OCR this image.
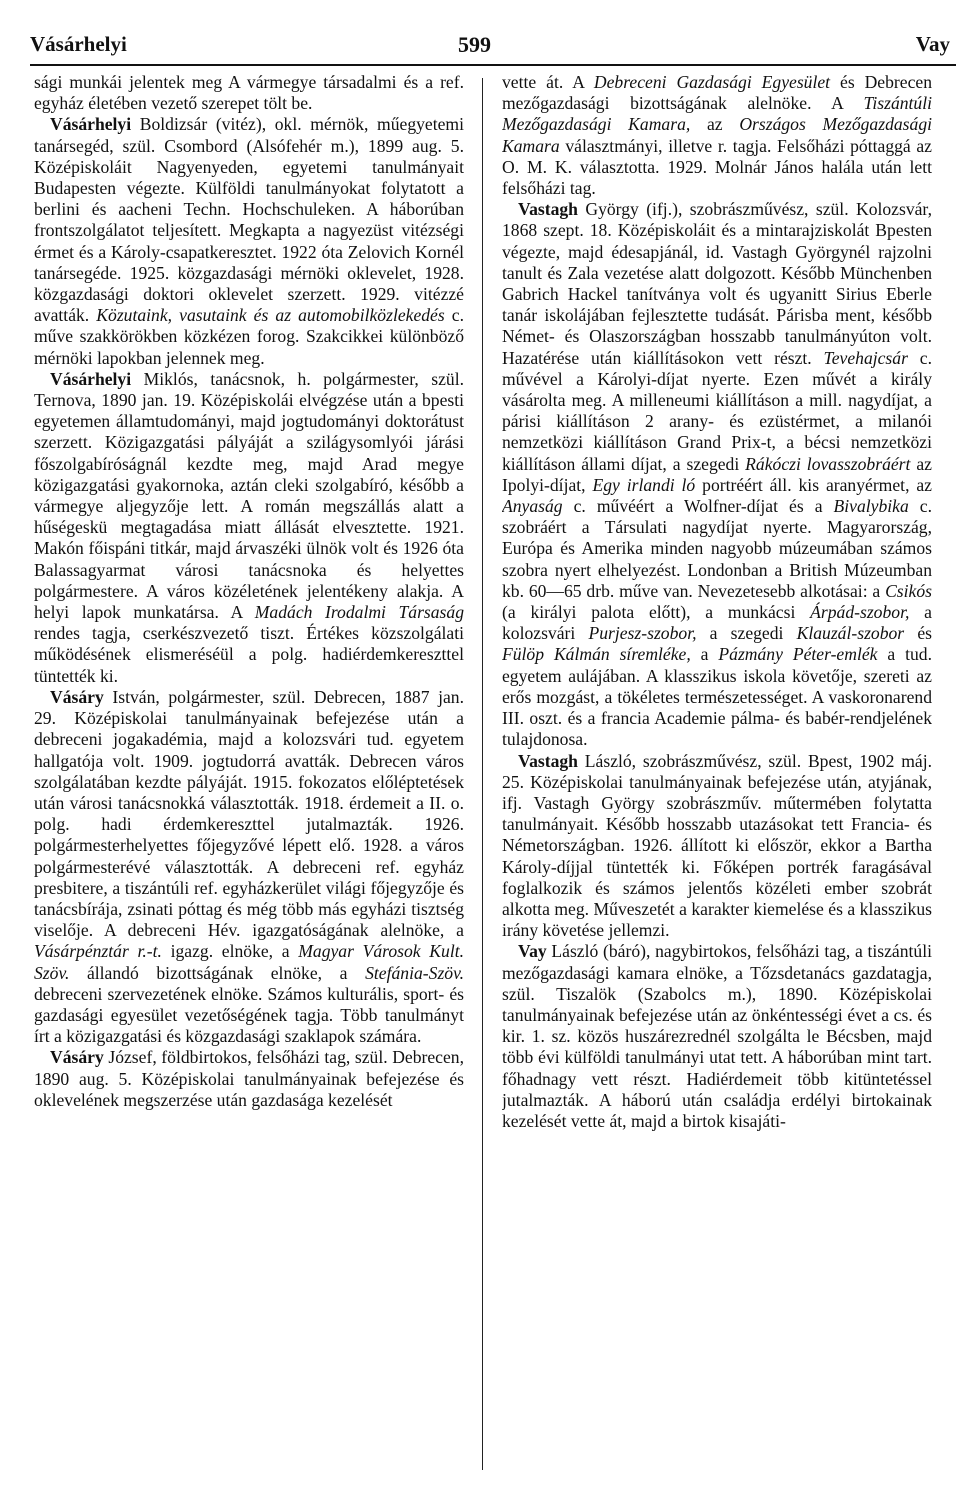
Vásárhelyi	599	Vay

sági munkái jelentek meg A vármegye társadalmi és a ref. egyház életében vezető szerepet tölt be.

Vásárhelyi Boldizsár (vitéz), okl. mérnök, műegyetemi tanársegéd, szül. Csombord (Alsófehér m.), 1899 aug. 5. Középiskoláit Nagyenyeden, egyetemi tanulmányait Budapesten végezte. Külföldi tanulmányokat folytatott a berlini és aacheni Techn. Hochschuleken. A háborúban frontszolgálatot teljesített. Megkapta a nagyezüst vitézségi érmet és a Károly-csapatkeresztet. 1922 óta Zelovich Kornél tanársegéde. 1925. közgazdasági mérnöki oklevelet, 1928. közgazdasági doktori oklevelet szerzett. 1929. vitézzé avatták. Közutaink, vasutaink és az automobilközlekedés c. műve szakkörökben közkézen forog. Szakcikkei különböző mérnöki lapokban jelennek meg.

Vásárhelyi Miklós, tanácsnok, h. polgármester, szül. Ternova, 1890 jan. 19. Középiskolái elvégzése után a bpesti egyetemen államtudományi, majd jogtudományi doktorátust szerzett. Közigazgatási pályáját a szilágysomlyói járási főszolgabíróságnál kezdte meg, majd Arad megye közigazgatási gyakornoka, aztán cleki szolgabíró, később a vármegye aljegyzője lett. A román megszállás alatt a hűségeskü megtagadása miatt állását elvesztette. 1921. Makón főispáni titkár, majd árvaszéki ülnök volt és 1926 óta Balassagyarmat városi tanácsnoka és helyettes polgármestere. A város közéletének jelentékeny alakja. A helyi lapok munkatársa. A Madách Irodalmi Társaság rendes tagja, cserkészvezető tiszt. Értékes közszolgálati működésének elismeréséül a polg. hadiérdemkereszttel tüntették ki.

Vásáry István, polgármester, szül. Debrecen, 1887 jan. 29. Középiskolai tanulmányainak befejezése után a debreceni jogakadémia, majd a kolozsvári tud. egyetem hallgatója volt. 1909. jogtudorrá avatták. Debrecen város szolgálatában kezdte pályáját. 1915. fokozatos előléptetések után városi tanácsnokká választották. 1918. érdemeit a II. o. polg. hadi érdemkereszttel jutalmazták. 1926. polgármesterhelyettes főjegyzővé lépett elő. 1928. a város polgármesterévé választották. A debreceni ref. egyház presbitere, a tiszántúli ref. egyházkerület világi főjegyzője és tanácsbírája, zsinati póttag és még több más egyházi tisztség viselője. A debreceni Hév. igazgatóságának alelnöke, a Vásárpénztár r.-t. igazg. elnöke, a Magyar Városok Kult. Szöv. állandó bizottságának elnöke, a Stefánia-Szöv. debreceni szervezetének elnöke. Számos kulturális, sport- és gazdasági egyesület vezetőségének tagja. Több tanulmányt írt a közigazgatási és közgazdasági szaklapok számára.

Vásáry József, földbirtokos, felsőházi tag, szül. Debrecen, 1890 aug. 5. Középiskolai tanulmányainak befejezése és oklevelének megszerzése után gazdasága kezelését

vette át. A Debreceni Gazdasági Egyesület és Debrecen mezőgazdasági bizottságának alelnöke. A Tiszántúli Mezőgazdasági Kamara, az Országos Mezőgazdasági Kamara választmányi, illetve r. tagja. Felsőházi póttaggá az O. M. K. választotta. 1929. Molnár János halála után lett felsőházi tag.

Vastagh György (ifj.), szobrászművész, szül. Kolozsvár, 1868 szept. 18. Középiskoláit és a mintarajziskolát Bpesten végezte, majd édesapjánál, id. Vastagh Györgynél rajzolni tanult és Zala vezetése alatt dolgozott. Később Münchenben Gabrich Hackel tanítványa volt és ugyanitt Sirius Eberle tanár iskolájában fejlesztette tudását. Párisba ment, később Német- és Olaszországban hosszabb tanulmányúton volt. Hazatérése után kiállításokon vett részt. Tevehajcsár c. művével a Károlyi-díjat nyerte. Ezen művét a király vásárolta meg. A milleneumi kiállításon a mill. nagydíjat, a párisi kiállításon 2 arany- és ezüstérmet, a milanói nemzetközi kiállításon Grand Prix-t, a bécsi nemzetközi kiállításon állami díjat, a szegedi Rákóczi lovasszobráért az Ipolyi-díjat, Egy irlandi ló portréért áll. kis aranyérmet, az Anyaság c. művéért a Wolfner-díjat és a Bivalybika c. szobráért a Társulati nagydíjat nyerte. Magyarország, Európa és Amerika minden nagyobb múzeumában számos szobra nyert elhelyezést. Londonban a British Múzeumban kb. 60—65 drb. műve van. Nevezetesebb alkotásai: a Csikós (a királyi palota előtt), a munkácsi Árpád-szobor, a kolozsvári Purjesz-szobor, a szegedi Klauzál-szobor és Fülöp Kálmán síremléke, a Pázmány Péter-emlék a tud. egyetem aulájában. A klasszikus iskola követője, szereti az erős mozgást, a tökéletes természetességet. A vaskoronarend III. oszt. és a francia Academie pálma- és babér-rendjelének tulajdonosa.

Vastagh László, szobrászművész, szül. Bpest, 1902 máj. 25. Középiskolai tanulmányainak befejezése után, atyjának, ifj. Vastagh György szobrászműv. műtermében folytatta tanulmányait. Később hosszabb utazásokat tett Francia- és Németországban. 1926. állított ki először, ekkor a Bartha Károly-díjjal tüntették ki. Főképen portrék faragásával foglalkozik és számos jelentős közéleti ember szobrát alkotta meg. Műveszetét a karakter kiemelése és a klasszikus irány követése jellemzi.

Vay László (báró), nagybirtokos, felsőházi tag, a tiszántúli mezőgazdasági kamara elnöke, a Tőzsdetanács gazdatagja, szül. Tiszalök (Szabolcs m.), 1890. Középiskolai tanulmányainak befejezése után az önkéntességi évet a cs. és kir. 1. sz. közös huszárezrednél szolgálta le Bécsben, majd több évi külföldi tanulmányi utat tett. A háborúban mint tart. főhadnagy vett részt. Hadiérdemeit több kitüntetéssel jutalmazták. A háború után családja erdélyi birtokainak kezelését vette át, majd a birtok kisajáti-
